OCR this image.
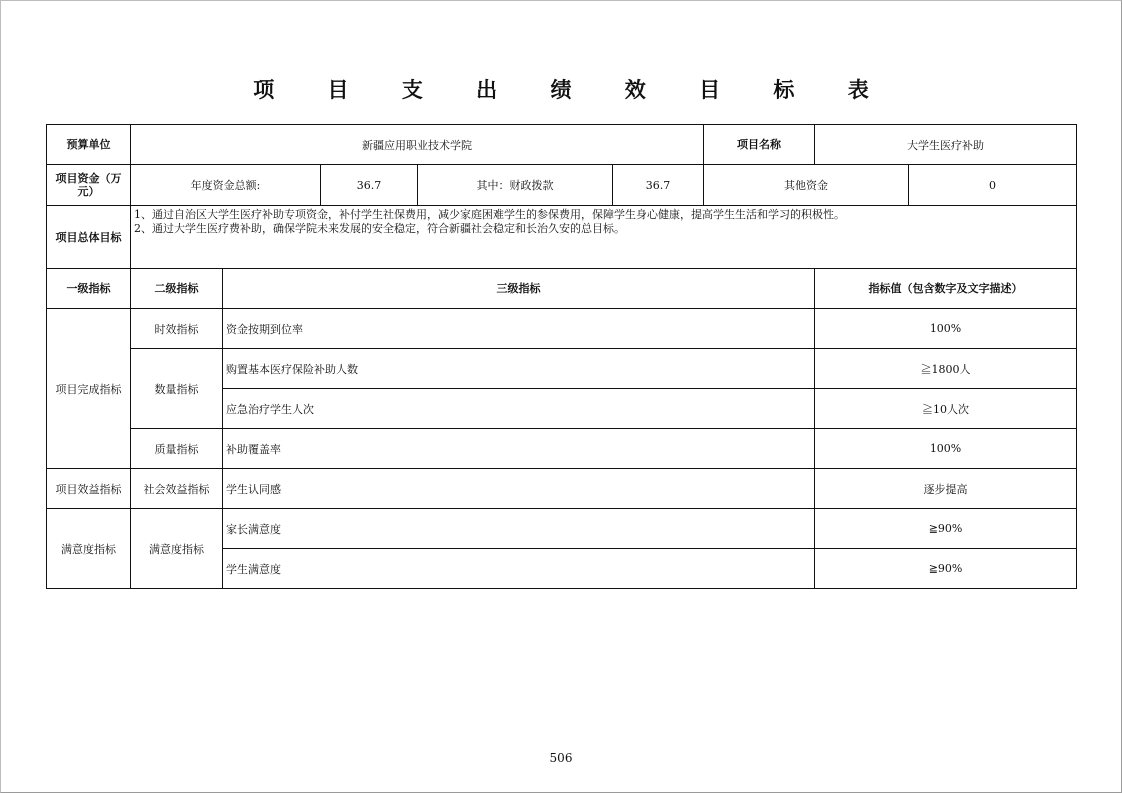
项 目 支 出 绩 效 目 标 表
预算单位	新疆应用职业技术学院					项目名称	大学生医疗补助	
项目资金（万元）	年度资金总额:		36.7	其中：财政拨款	36.7	其他资金		0
项目总体目标	1、通过自治区大学生医疗补助专项资金，补付学生社保费用，减少家庭困难学生的参保费用，保障学生身心健康，提高学生生活和学习的积极性。
2、通过大学生医疗费补助，确保学院未来发展的安全稳定，符合新疆社会稳定和长治久安的总目标。							

一级指标	二级指标	三级指标					指标值（包含数字及文字描述）	
项目完成指标	时效指标	资金按期到位率					100%	
	数量指标	购置基本医疗保险补助人数					≧1800人	
		应急治疗学生人次					≧10人次	
	质量指标	补助覆盖率					100%	
项目效益指标	社会效益指标	学生认同感					逐步提高	
满意度指标	满意度指标	家长满意度					≧90%	
		学生满意度					≧90%	
506
